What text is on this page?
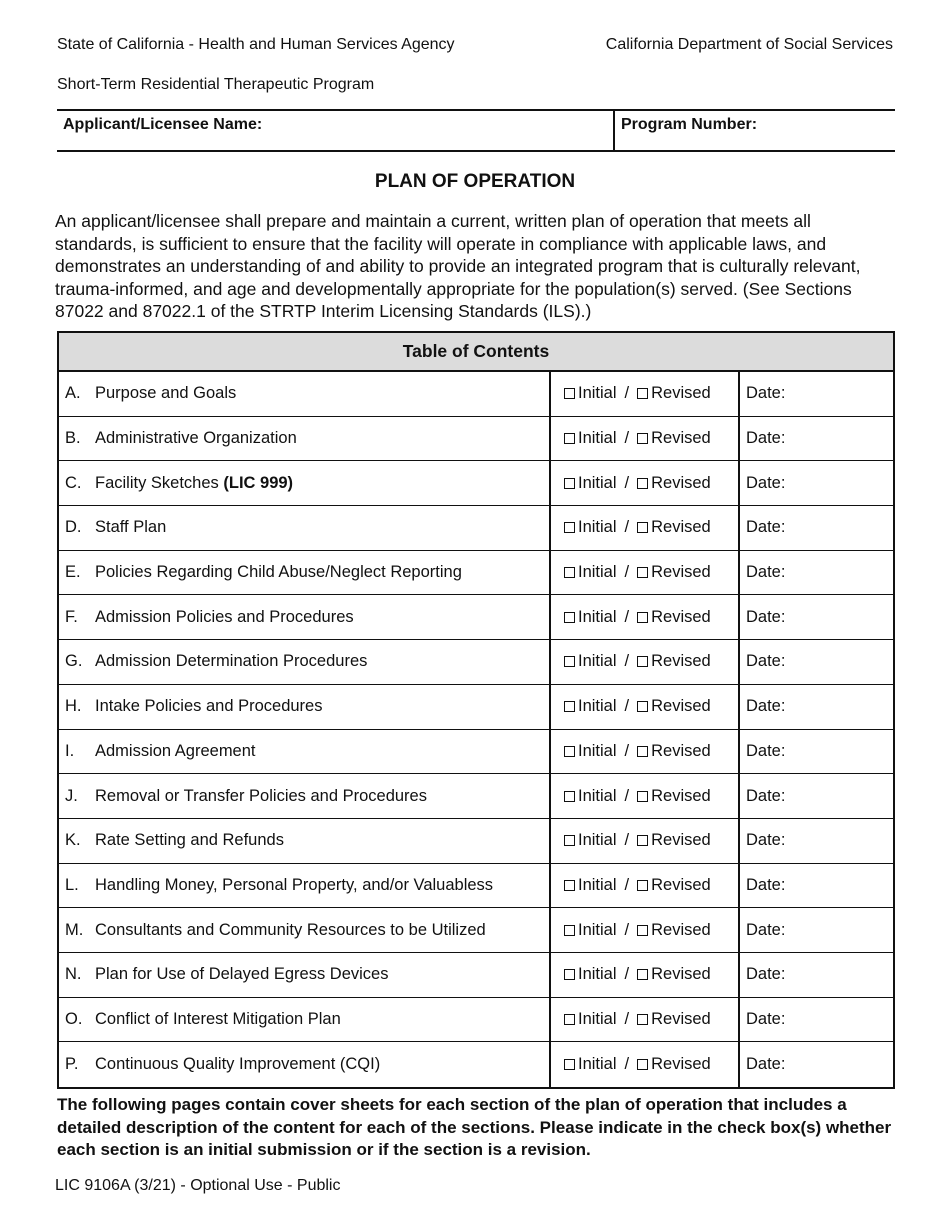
State of California - Health and Human Services Agency	California Department of Social Services
Short-Term Residential Therapeutic Program
Applicant/Licensee Name:	Program Number:
PLAN OF OPERATION
An applicant/licensee shall prepare and maintain a current, written plan of operation that meets all standards, is sufficient to ensure that the facility will operate in compliance with applicable laws, and demonstrates an understanding of and ability to provide an integrated program that is culturally relevant, trauma-informed, and age and developmentally appropriate for the population(s) served. (See Sections 87022 and 87022.1 of the STRTP Interim Licensing Standards (ILS).)
Table of Contents
A. Purpose and Goals	Initial / Revised Date:
B. Administrative Organization	Initial / Revised Date:
C. Facility Sketches (LIC 999)	Initial / Revised Date:
D. Staff Plan	Initial / Revised Date:
E. Policies Regarding Child Abuse/Neglect Reporting	Initial / Revised Date:
F.	Admission Policies and Procedures	Initial / Revised Date:
G. Admission Determination Procedures	Initial / Revised Date:
H. Intake Policies and Procedures	Initial / Revised Date:
I.	Admission Agreement	Initial / Revised Date:
J.	Removal or Transfer Policies and Procedures	Initial / Revised Date:
K. Rate Setting and Refunds	Initial / Revised Date:
L. Handling Money, Personal Property, and/or Valuabless	Initial / Revised Date:
M. Consultants and Community Resources to be Utilized	Initial / Revised Date:
N. Plan for Use of Delayed Egress Devices	Initial / Revised Date:
O. Conflict of Interest Mitigation Plan	Initial / Revised Date:
P.	Continuous Quality Improvement (CQI)	Initial / Revised Date:
The following pages contain cover sheets for each section of the plan of operation that includes a detailed description of the content for each of the sections. Please indicate in the check box(s) whether each section is an initial submission or if the section is a revision.
LIC 9106A (3/21) - Optional Use - Public
